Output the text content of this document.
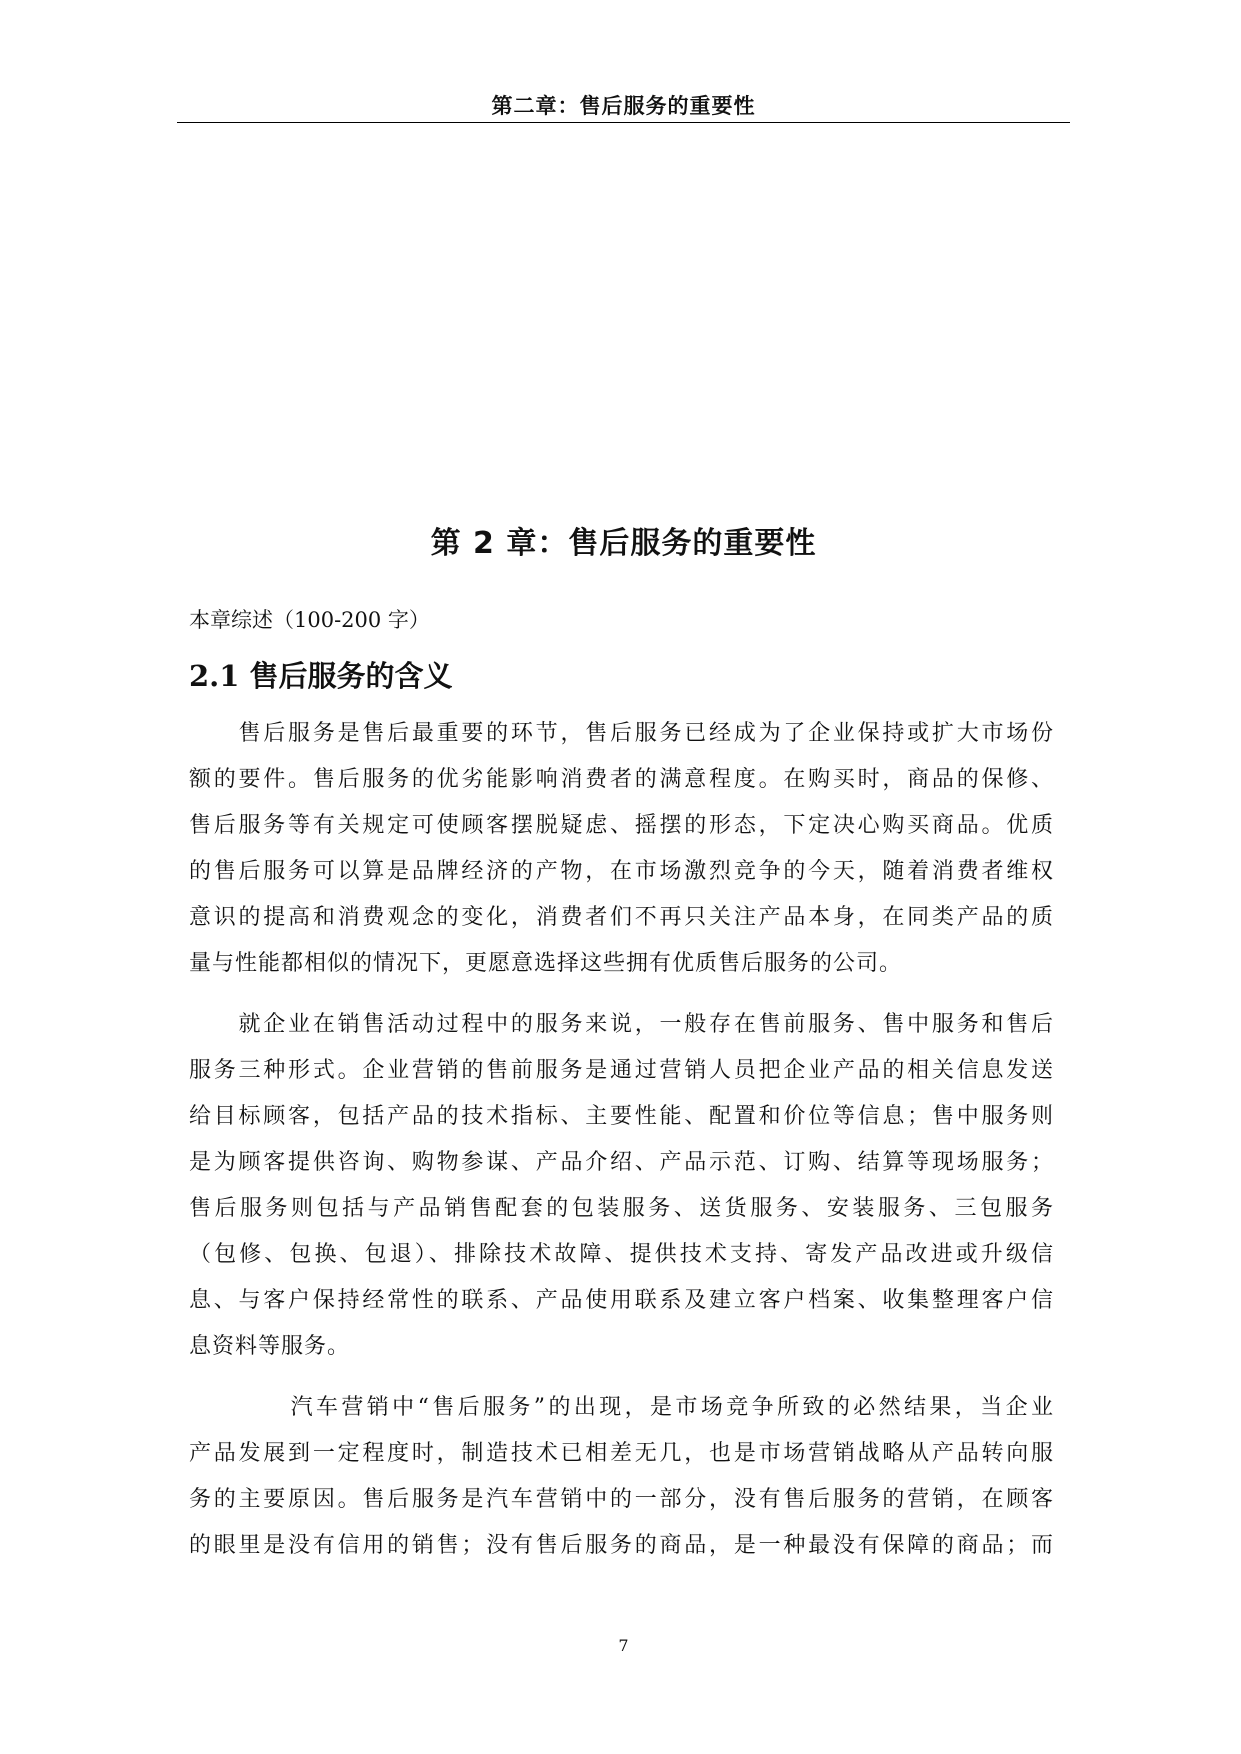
第二章：售后服务的重要性
第 2 章：售后服务的重要性
本章综述（100-200 字）
2.1 售后服务的含义
　　售后服务是售后最重要的环节，售后服务已经成为了企业保持或扩大市场份
额的要件。售后服务的优劣能影响消费者的满意程度。在购买时，商品的保修、
售后服务等有关规定可使顾客摆脱疑虑、摇摆的形态，下定决心购买商品。优质
的售后服务可以算是品牌经济的产物，在市场激烈竞争的今天，随着消费者维权
意识的提高和消费观念的变化，消费者们不再只关注产品本身，在同类产品的质
量与性能都相似的情况下，更愿意选择这些拥有优质售后服务的公司。
　　就企业在销售活动过程中的服务来说，一般存在售前服务、售中服务和售后
服务三种形式。企业营销的售前服务是通过营销人员把企业产品的相关信息发送
给目标顾客，包括产品的技术指标、主要性能、配置和价位等信息；售中服务则
是为顾客提供咨询、购物参谋、产品介绍、产品示范、订购、结算等现场服务；
售后服务则包括与产品销售配套的包装服务、送货服务、安装服务、三包服务
（包修、包换、包退）、排除技术故障、提供技术支持、寄发产品改进或升级信
息、与客户保持经常性的联系、产品使用联系及建立客户档案、收集整理客户信
息资料等服务。
　　　　汽车营销中“售后服务”的出现，是市场竞争所致的必然结果，当企业
产品发展到一定程度时，制造技术已相差无几，也是市场营销战略从产品转向服
务的主要原因。售后服务是汽车营销中的一部分，没有售后服务的营销，在顾客
的眼里是没有信用的销售；没有售后服务的商品，是一种最没有保障的商品；而
7
